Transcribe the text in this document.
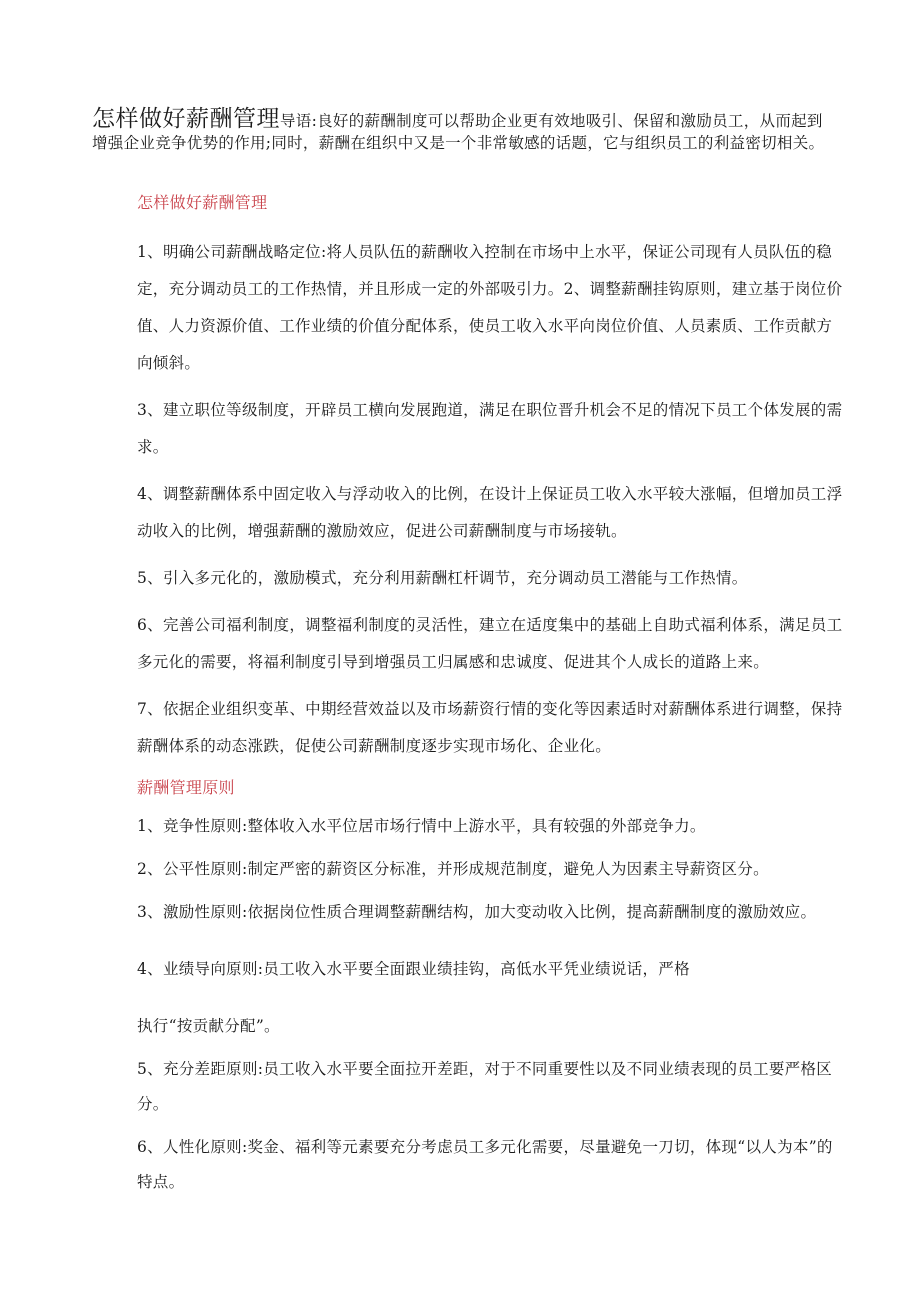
怎样做好薪酬管理导语:良好的薪酬制度可以帮助企业更有效地吸引、保留和激励员工，从而起到增强企业竞争优势的作用;同时，薪酬在组织中又是一个非常敏感的话题，它与组织员工的利益密切相关。
怎样做好薪酬管理

1、明确公司薪酬战略定位:将人员队伍的薪酬收入控制在市场中上水平，保证公司现有人员队伍的稳定，充分调动员工的工作热情，并且形成一定的外部吸引力。2、调整薪酬挂钩原则，建立基于岗位价值、人力资源价值、工作业绩的价值分配体系，使员工收入水平向岗位价值、人员素质、工作贡献方向倾斜。

3、建立职位等级制度，开辟员工横向发展跑道，满足在职位晋升机会不足的情况下员工个体发展的需求。

4、调整薪酬体系中固定收入与浮动收入的比例，在设计上保证员工收入水平较大涨幅，但增加员工浮动收入的比例，增强薪酬的激励效应，促进公司薪酬制度与市场接轨。

5、引入多元化的，激励模式，充分利用薪酬杠杆调节，充分调动员工潜能与工作热情。

6、完善公司福利制度，调整福利制度的灵活性，建立在适度集中的基础上自助式福利体系，满足员工多元化的需要，将福利制度引导到增强员工归属感和忠诚度、促进其个人成长的道路上来。

7、依据企业组织变革、中期经营效益以及市场薪资行情的变化等因素适时对薪酬体系进行调整，保持薪酬体系的动态涨跌，促使公司薪酬制度逐步实现市场化、企业化。

薪酬管理原则

1、竞争性原则:整体收入水平位居市场行情中上游水平，具有较强的外部竞争力。

2、公平性原则:制定严密的薪资区分标准，并形成规范制度，避免人为因素主导薪资区分。

3、激励性原则:依据岗位性质合理调整薪酬结构，加大变动收入比例，提高薪酬制度的激励效应。

4、业绩导向原则:员工收入水平要全面跟业绩挂钩，高低水平凭业绩说话，严格

执行“按贡献分配”。

5、充分差距原则:员工收入水平要全面拉开差距，对于不同重要性以及不同业绩表现的员工要严格区分。

6、人性化原则:奖金、福利等元素要充分考虑员工多元化需要，尽量避免一刀切，体现“以人为本”的特点。
